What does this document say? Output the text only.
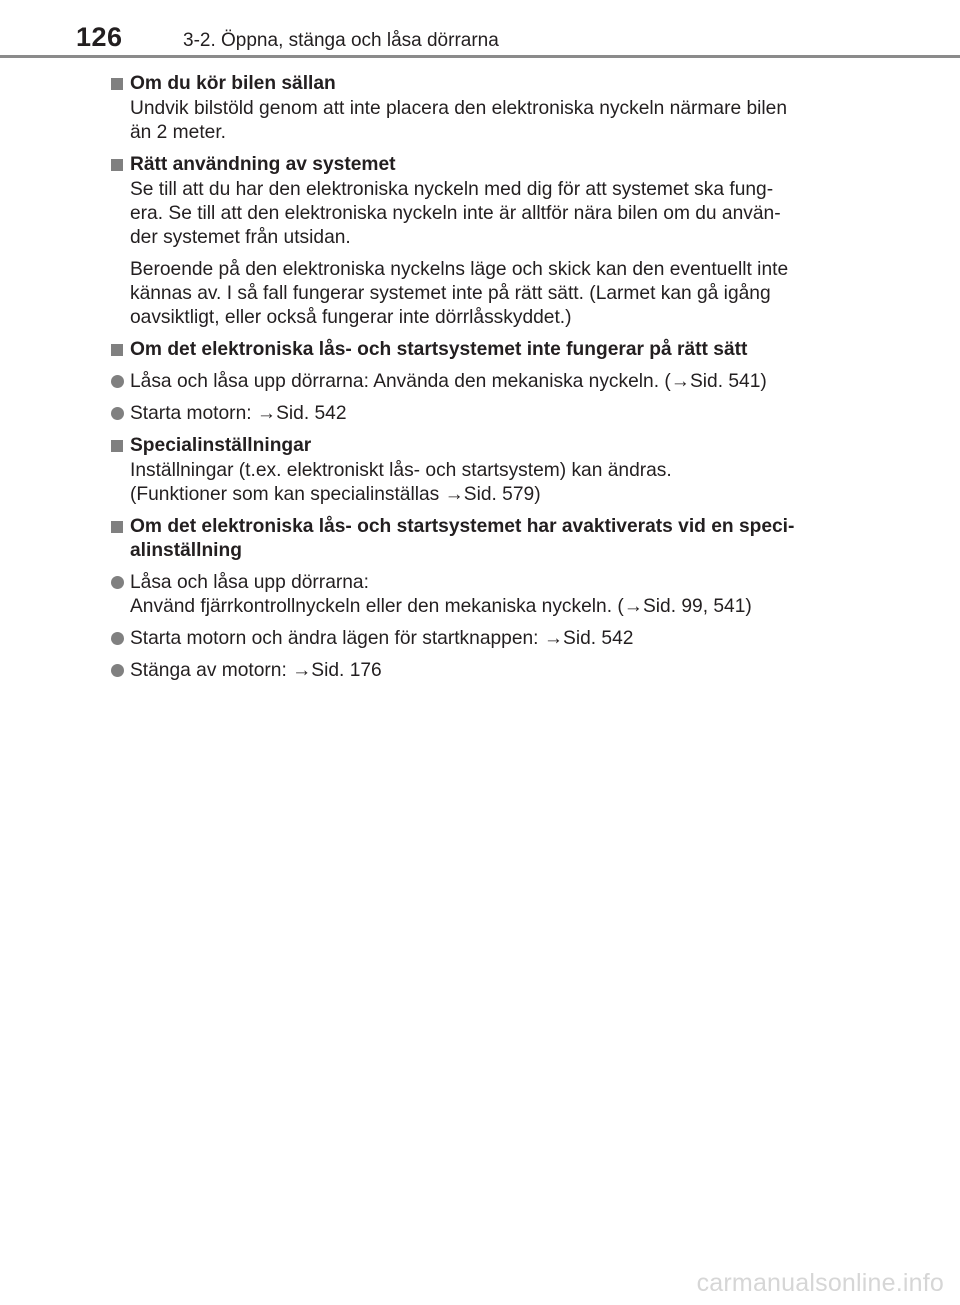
126	3-2. Öppna, stänga och låsa dörrarna
Om du kör bilen sällan
Undvik bilstöld genom att inte placera den elektroniska nyckeln närmare bilen
än 2 meter.
Rätt användning av systemet
Se till att du har den elektroniska nyckeln med dig för att systemet ska fung-
era. Se till att den elektroniska nyckeln inte är alltför nära bilen om du använ-
der systemet från utsidan.
Beroende på den elektroniska nyckelns läge och skick kan den eventuellt inte
kännas av. I så fall fungerar systemet inte på rätt sätt. (Larmet kan gå igång
oavsiktligt, eller också fungerar inte dörrlåsskyddet.)
Om det elektroniska lås- och startsystemet inte fungerar på rätt sätt
Låsa och låsa upp dörrarna: Använda den mekaniska nyckeln. (→Sid. 541)
Starta motorn: →Sid. 542
Specialinställningar
Inställningar (t.ex. elektroniskt lås- och startsystem) kan ändras.
(Funktioner som kan specialinställas →Sid. 579)
Om det elektroniska lås- och startsystemet har avaktiverats vid en speci-
alinställning
Låsa och låsa upp dörrarna:
Använd fjärrkontrollnyckeln eller den mekaniska nyckeln. (→Sid. 99, 541)
Starta motorn och ändra lägen för startknappen: →Sid. 542
Stänga av motorn: →Sid. 176
carmanualsonline.info
